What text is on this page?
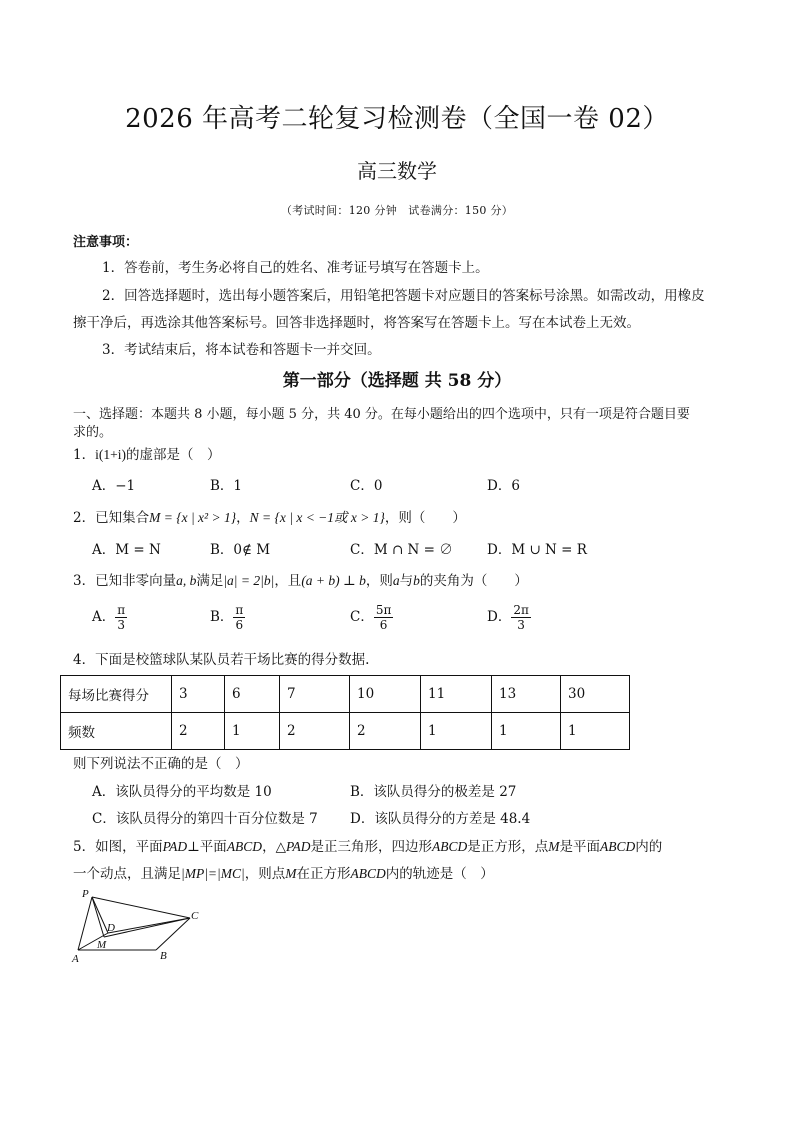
2026 年高考二轮复习检测卷（全国一卷 02）
高三数学
（考试时间：120 分钟　试卷满分：150 分）
注意事项：
1．答卷前，考生务必将自己的姓名、准考证号填写在答题卡上。
2．回答选择题时，选出每小题答案后，用铅笔把答题卡对应题目的答案标号涂黑。如需改动，用橡皮
擦干净后，再选涂其他答案标号。回答非选择题时，将答案写在答题卡上。写在本试卷上无效。
3．考试结束后，将本试卷和答题卡一并交回。
第一部分（选择题 共 58 分）
一、选择题：本题共 8 小题，每小题 5 分，共 40 分。在每小题给出的四个选项中，只有一项是符合题目要
求的。
1．i(1+i)的虚部是（　）
A．−1	B．1	C．0	D．6
2．已知集合M = {x | x² > 1}，N = {x | x < −1或 x > 1}，则（　　）
A．M = N	B．0∉ M	C．M ∩ N = ∅	D．M ∪ N = R
3．已知非零向量a, b满足|a| = 2|b|，且(a + b) ⊥ b，则a与b的夹角为（　　）
A． $\frac{\pi}{3}$	B． $\frac{\pi}{6}$	C． $\frac{5\pi}{6}$	D． $\frac{2\pi}{3}$
4．下面是校篮球队某队员若干场比赛的得分数据.
每场比赛得分	3	6	7	10	11	13	30
频数	2	1	2	2	1	1	1
则下列说法不正确的是（　）
A．该队员得分的平均数是 10	B．该队员得分的极差是 27
C．该队员得分的第四十百分位数是 7 D．该队员得分的方差是 48.4
5．如图，平面PAD⊥平面ABCD，△PAD是正三角形，四边形ABCD是正方形，点M是平面ABCD内的
一个动点，且满足|MP|=|MC|，则点M在正方形ABCD内的轨迹是（　）
P
D
C
M
A	B
